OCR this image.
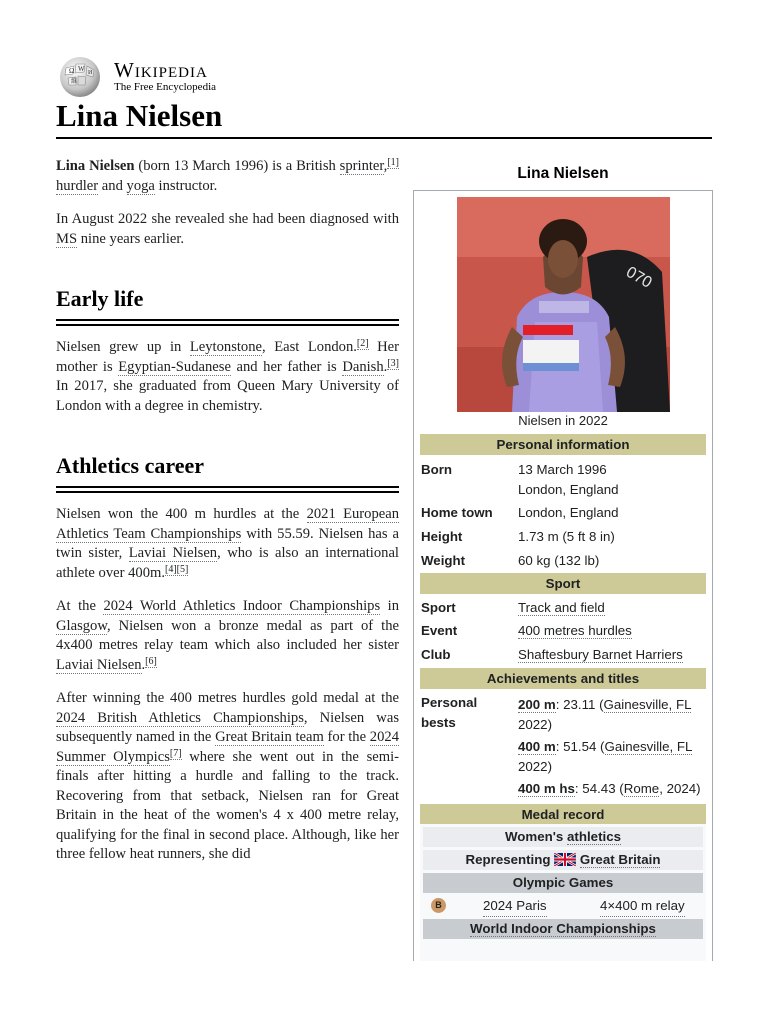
Ω W И
維 Wikipedia
The Free Encyclopedia
Lina Nielsen

Lina Nielsen (born 13 March 1996) is a British sprinter,[1] hurdler and yoga instructor.

In August 2022 she revealed she had been diagnosed with MS nine years earlier.

Early life

Nielsen grew up in Leytonstone, East London.[2] Her mother is Egyptian-Sudanese and her father is Danish.[3] In 2017, she graduated from Queen Mary University of London with a degree in chemistry.

Athletics career

Nielsen won the 400 m hurdles at the 2021 European Athletics Team Championships with 55.59. Nielsen has a twin sister, Laviai Nielsen, who is also an international athlete over 400m.[4][5]

At the 2024 World Athletics Indoor Championships in Glasgow, Nielsen won a bronze medal as part of the 4x400 metres relay team which also included her sister Laviai Nielsen.[6]

After winning the 400 metres hurdles gold medal at the 2024 British Athletics Championships, Nielsen was subsequently named in the Great Britain team for the 2024 Summer Olympics[7] where she went out in the semi-finals after hitting a hurdle and falling to the track. Recovering from that setback, Nielsen ran for Great Britain in the heat of the women's 4 x 400 metre relay, qualifying for the final in second place. Although, like her three fellow heat runners, she did

Lina Nielsen
070
Nielsen in 2022
Personal information
Born	13 March 1996
London, England
Home town London, England
Height	1.73 m (5 ft 8 in)
Weight	60 kg (132 lb)
Sport
Sport	Track and field
Event	400 metres hurdles
Club	Shaftesbury Barnet Harriers
Achievements and titles
Personal bests
200 m: 23.11 (Gainesville, FL 2022)
400 m: 51.54 (Gainesville, FL 2022)
400 m hs: 54.43 (Rome, 2024)
Medal record
Women's athletics
Representing  Great Britain
Olympic Games
B	2024 Paris	4×400 m relay
World Indoor Championships
